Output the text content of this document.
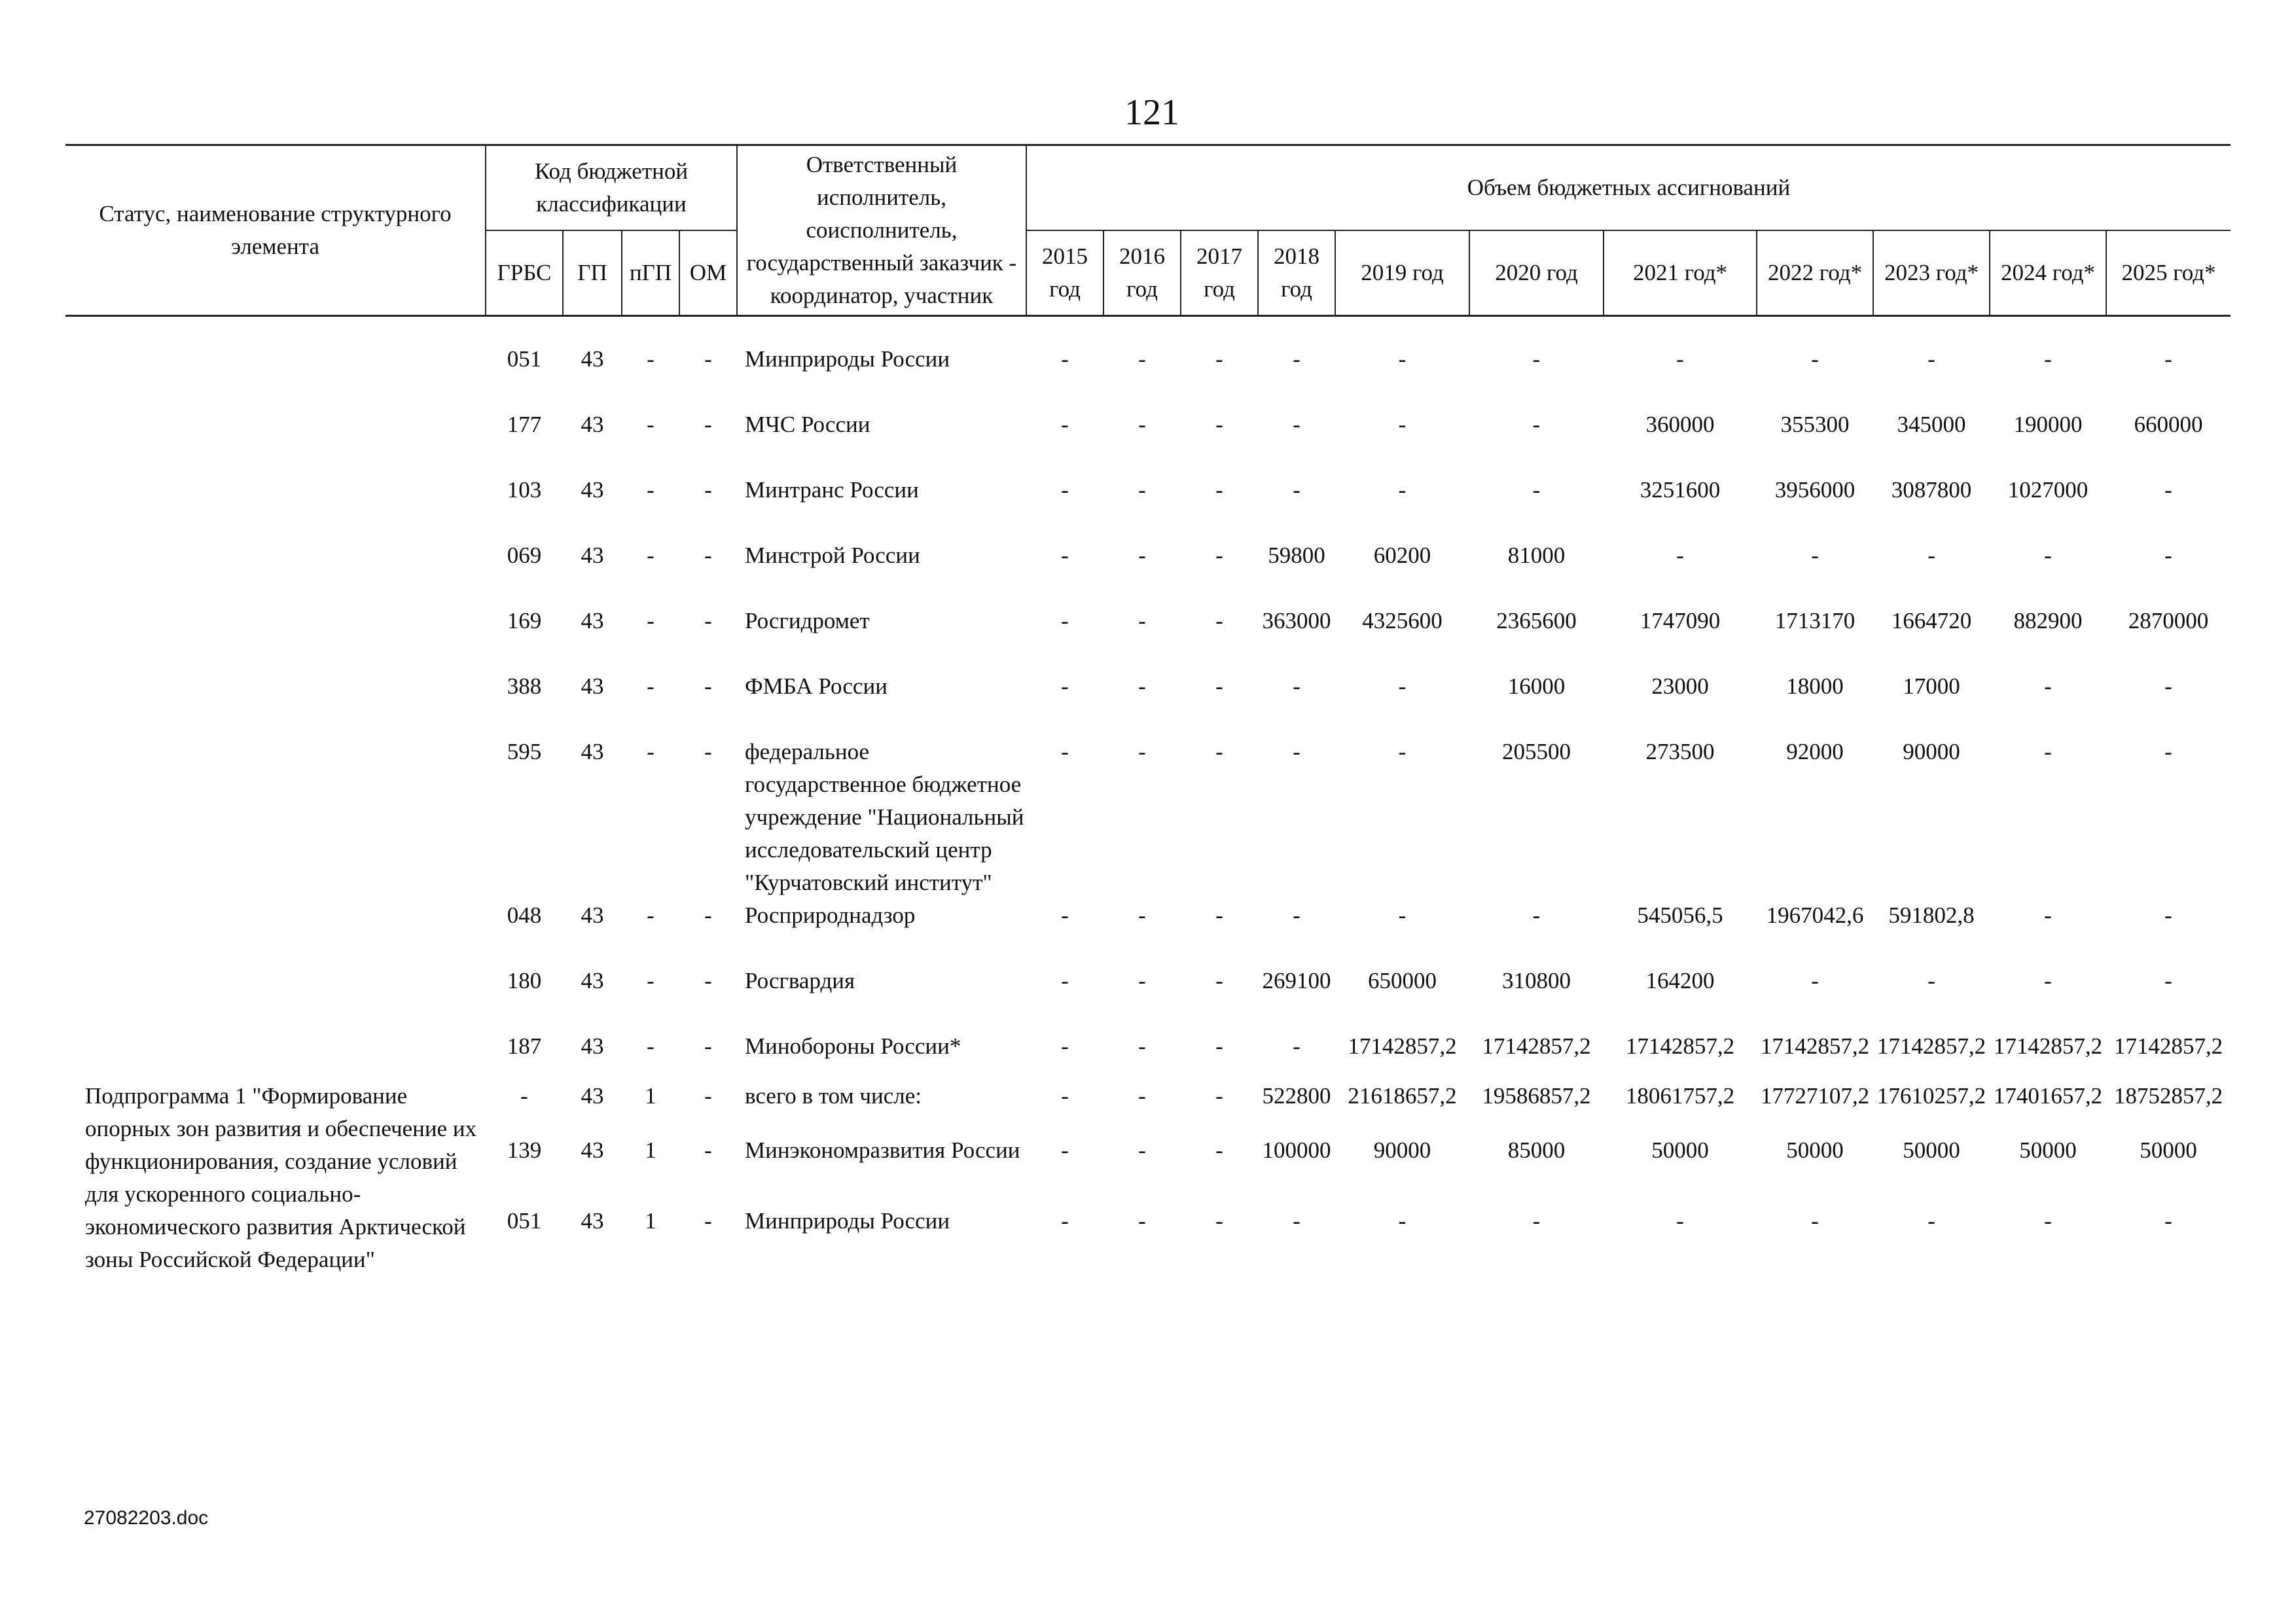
121
Статус, наименование структурного элемента	Код бюджетной классификации				Ответственный исполнитель, соисполнитель, государственный заказчик - координатор, участник	Объем бюджетных ассигнований										
	ГРБС	ГП	пГП	ОМ		2015 год	2016 год	2017 год	2018 год	2019 год	2020 год	2021 год*	2022 год*	2023 год*	2024 год*	2025 год*

	051	43	-	-	Минприроды России	-	-	-	-	-	-	-	-	-	-	-
	177	43	-	-	МЧС России	-	-	-	-	-	-	360000	355300	345000	190000	660000
	103	43	-	-	Минтранс России	-	-	-	-	-	-	3251600	3956000	3087800	1027000	-
	069	43	-	-	Минстрой России	-	-	-	59800	60200	81000	-	-	-	-	-
	169	43	-	-	Росгидромет	-	-	-	363000	4325600	2365600	1747090	1713170	1664720	882900	2870000
	388	43	-	-	ФМБА России	-	-	-	-	-	16000	23000	18000	17000	-	-
	595	43	-	-	федеральное государственное бюджетное учреждение "Национальный исследовательский центр "Курчатовский институт"	-	-	-	-	-	205500	273500	92000	90000	-	-
	048	43	-	-	Росприроднадзор	-	-	-	-	-	-	545056,5	1967042,6	591802,8	-	-
	180	43	-	-	Росгвардия	-	-	-	269100	650000	310800	164200	-	-	-	-
	187	43	-	-	Минобороны России*	-	-	-	-	17142857,2	17142857,2	17142857,2	17142857,2	17142857,2	17142857,2	17142857,2
Подпрограмма 1 "Формирование опорных зон развития и обеспечение их функционирования, создание условий для ускоренного социально-экономического развития Арктической зоны Российской Федерации"	-	43	1	-	всего в том числе:	-	-	-	522800	21618657,2	19586857,2	18061757,2	17727107,2	17610257,2	17401657,2	18752857,2
	139	43	1	-	Минэкономразвития России	-	-	-	100000	90000	85000	50000	50000	50000	50000	50000
	051	43	1	-	Минприроды России	-	-	-	-	-	-	-	-	-	-	-
27082203.doc
